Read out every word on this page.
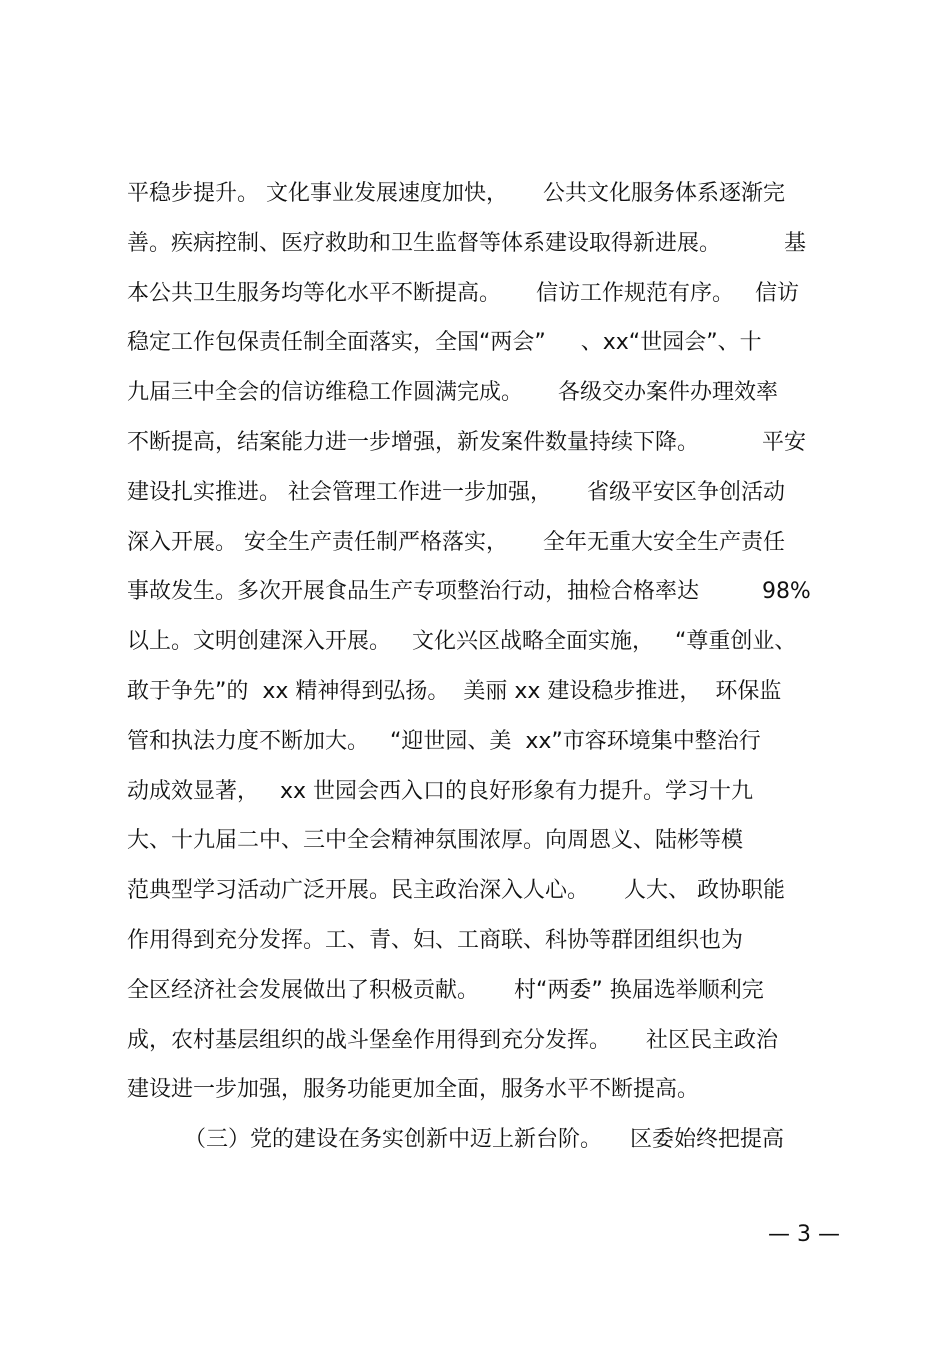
平稳步提升。 文化事业发展速度加快，     公共文化服务体系逐渐完
善。疾病控制、医疗救助和卫生监督等体系建设取得新进展。         基
本公共卫生服务均等化水平不断提高。     信访工作规范有序。   信访
稳定工作包保责任制全面落实，全国“两会”     、xx“世园会”、十
九届三中全会的信访维稳工作圆满完成。     各级交办案件办理效率
不断提高，结案能力进一步增强，新发案件数量持续下降。         平安
建设扎实推进。 社会管理工作进一步加强，     省级平安区争创活动
深入开展。 安全生产责任制严格落实，     全年无重大安全生产责任
事故发生。多次开展食品生产专项整治行动，抽检合格率达         98%
以上。文明创建深入开展。   文化兴区战略全面实施，   “尊重创业、
敢于争先”的  xx 精神得到弘扬。  美丽 xx 建设稳步推进，  环保监
管和执法力度不断加大。   “迎世园、美  xx”市容环境集中整治行
动成效显著，   xx 世园会西入口的良好形象有力提升。学习十九
大、十九届二中、三中全会精神氛围浓厚。向周恩义、陆彬等模
范典型学习活动广泛开展。民主政治深入人心。     人大、 政协职能
作用得到充分发挥。工、青、妇、工商联、科协等群团组织也为
全区经济社会发展做出了积极贡献。     村“两委” 换届选举顺利完
成，农村基层组织的战斗堡垒作用得到充分发挥。     社区民主政治
建设进一步加强，服务功能更加全面，服务水平不断提高。
（三）党的建设在务实创新中迈上新台阶。    区委始终把提高
— 3 —
